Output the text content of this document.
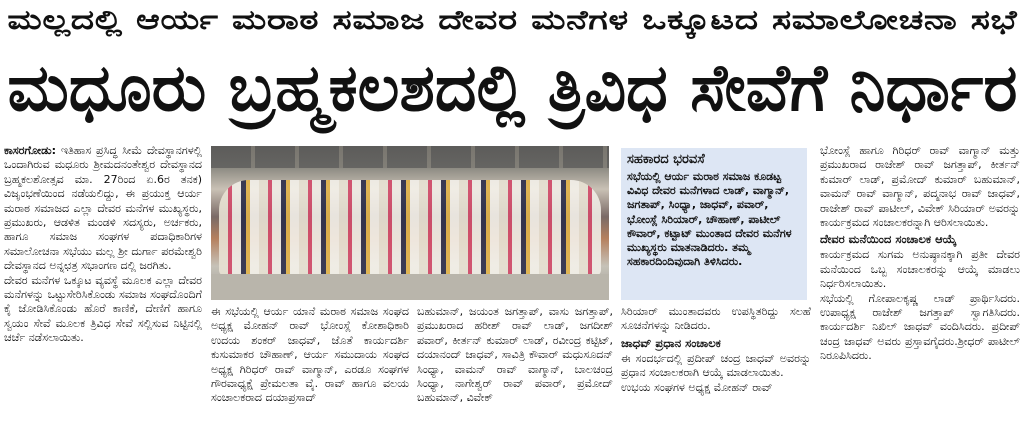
ಮಲ್ಲದಲ್ಲಿ ಆರ್ಯ ಮರಾಠ ಸಮಾಜ ದೇವರ ಮನೆಗಳ ಒಕ್ಕೂಟದ ಸಮಾಲೋಚನಾ ಸಭೆ
ಮಧೂರು ಬ್ರಹ್ಮಕಲಶದಲ್ಲಿ ತ್ರಿವಿಧ ಸೇವೆಗೆ ನಿರ್ಧಾರ

ಕಾಸರಗೋಡು: ಇತಿಹಾಸ ಪ್ರಸಿದ್ಧ ಸೀಮೆ ದೇವಸ್ಥಾನಗಳಲ್ಲಿ ಒಂದಾಗಿರುವ ಮಧೂರು ಶ್ರೀಮದನಂತೇಶ್ವರ ದೇವಸ್ಥಾನದ ಬ್ರಹ್ಮಕಲಶೋತ್ಸವ ಮಾ. 27ರಿಂದ ಏ.6ರ ತನಕ) ವಿಜೃಂಭಣೆಯಿಂದ ನಡೆಯಲಿದ್ದು, ಈ ಪ್ರಯುಕ್ತ ಆರ್ಯ ಮರಾಠ ಸಮಾಜದ ಎಲ್ಲಾ ದೇವರ ಮನೆಗಳ ಮುಖ್ಯಸ್ಥರು, ಪ್ರಮುಖರು, ಆಡಳಿತ ಮಂಡಳಿ ಸದಸ್ಯರು, ಅರ್ಚಕರು, ಹಾಗೂ ಸಮಾಜ ಸಂಘಗಳ ಪದಾಧಿಕಾರಿಗಳ ಸಮಾಲೋಚನಾ ಸಭೆಯು ಮಲ್ಲ ಶ್ರೀ ದುರ್ಗಾ ಪರಮೇಶ್ವರಿ ದೇವಸ್ಥಾನದ ಅನ್ನಛತ್ರ ಸಭಾಂಗಣ ದಲ್ಲಿ ಜರಗಿತು.

ದೇವರ ಮನೆಗಳ ಒಕ್ಕೂಟ ವ್ಯವಸ್ಥೆ ಮೂಲಕ ಎಲ್ಲಾ ದೇವರ ಮನೆಗಳನ್ನು ಒಟ್ಟುಸೇರಿಸಿಕೊಂಡು ಸಮಾಜ ಸಂಘದೊಂದಿಗೆ ಕೈ ಜೋಡಿಸಿಕೊಂಡು ಹೊರೆ ಕಾಣಿಕೆ, ದೇಣಿಗೆ ಹಾಗೂ ಸ್ವಯಂ ಸೇವೆ ಮೂಲಕ ತ್ರಿವಿಧ ಸೇವೆ ಸಲ್ಲಿಸುವ ನಿಟ್ಟಿನಲ್ಲಿ ಚರ್ಚೆ ನಡೆಸಲಾಯಿತು.

ಈ ಸಭೆಯಲ್ಲಿ ಆರ್ಯ ಯಾನೆ ಮರಾಠ ಸಮಾಜ ಸಂಘದ ಅಧ್ಯಕ್ಷ ಮೋಹನ್ ರಾವ್ ಭೋಂಸ್ಲೆ ಕೋಶಾಧಿಕಾರಿ ಉದಯ ಶಂಕರ್ ಜಾಧವ್, ಜೊತೆ ಕಾರ್ಯದರ್ಶಿ ಕುಸುಮಾಕರ ಚೌಹಾಣ್, ಆರ್ಯ ಸಮುದಾಯ ಸಂಘದ ಅಧ್ಯಕ್ಷ ಗಿರಿಧರ್ ರಾವ್ ವಾಗ್ಮಾನ್, ಎರಡೂ ಸಂಘಗಳ ಗೌರವಾಧ್ಯಕ್ಷೆ ಪ್ರೇಮಲತಾ ವೈ. ರಾವ್ ಹಾಗೂ ವಲಯ ಸಂಚಾಲಕರಾದ ದಯಾಪ್ರಸಾದ್

ಬಹುಮಾನ್, ಜಯಂತ ಜಗತ್ತಾಪ್, ವಾಸು ಜಗತ್ತಾಪ್, ಪ್ರಮುಖರಾದ ಹರೀಶ್ ರಾವ್ ಲಾಡ್, ಜಗದೀಶ್ ಪವಾರ್, ಕೀರ್ತನ್ ಕುಮಾರ್ ಲಾಡ್, ರವೀಂದ್ರ ಕಟ್ಟಿಟ್, ದಯಾನಂದ್ ಜಾಧವ್, ಸಾವಿತ್ರಿ ಕೌವಾರ್ ಮಧುಸೂದನ್ ಸಿಂಧ್ಯಾ, ವಾಮನ್ ರಾವ್ ವಾಗ್ಮಾನ್, ಬಾಲಚಂದ್ರ ಸಿಂಧ್ಯಾ, ನಾಗೇಶ್ವರ್ ರಾವ್ ಪವಾರ್, ಪ್ರಮೋದ್ ಬಹುಮಾನ್, ವಿವೇಕ್

ಸಹಕಾರದ ಭರವಸೆ

ಸಭೆಯಲ್ಲಿ ಆರ್ಯ ಮರಾಠ ಸಮಾಜ ಕೂಡಟ್ಟ ವಿವಿಧ ದೇವರ ಮನೆಗಳಾದ ಲಾಡ್, ವಾಗ್ಮಾನ್, ಜಗತಾಪ್, ಸಿಂಧ್ಯಾ, ಜಾಧವ್, ಪವಾರ್, ಭೋಂಸ್ಲೆ ಸಿರಿಯಾರ್, ಚೌಹಾಣ್, ಪಾಟೀಲ್ ಕೌವಾರ್, ಕಟ್ಟಾಟ್ ಮುಂತಾದ ದೇವರ ಮನೆಗಳ ಮುಖ್ಯಸ್ಥರು ಮಾತನಾಡಿದರು. ತಮ್ಮ ಸಹಕಾರದಿಂದಿವುದಾಗಿ ತಿಳಿಸಿದರು.

ಸಿರಿಯಾರ್ ಮುಂತಾದವರು ಉಪಸ್ಥಿತರಿದ್ದು ಸಲಹೆ ಸೂಚನೆಗಳನ್ನು ನೀಡಿದರು.

ಜಾಧವ್ ಪ್ರಧಾನ ಸಂಚಾಲಕ

ಈ ಸಂದರ್ಭದಲ್ಲಿ ಪ್ರದೀಪ್ ಚಂದ್ರ ಜಾಧವ್ ಅವರನ್ನು ಪ್ರಧಾನ ಸಂಚಾಲಕರಾಗಿ ಆಯ್ಕೆ ಮಾಡಲಾಯಿತು.

ಉಭಯ ಸಂಘಗಳ ಅಧ್ಯಕ್ಷ ಮೋಹನ್ ರಾವ್

ಭೋಂಸ್ಲೆ ಹಾಗೂ ಗಿರಿಧರ್ ರಾವ್ ವಾಗ್ಮಾನ್ ಮತ್ತು ಪ್ರಮುಖರಾದ ರಾಜೇಶ್ ರಾವ್ ಜಗತ್ತಾಪ್, ಕೀರ್ತನ್ ಕುಮಾರ್ ಲಾಡ್, ಪ್ರಮೋದ್ ಕುಮಾರ್ ಬಹುಮಾನ್, ವಾಮನ್ ರಾವ್ ವಾಗ್ಮಾನ್, ಪದ್ಮನಾಭ ರಾವ್ ಜಾಧವ್, ರಾಜೇಶ್ ರಾವ್ ಪಾಟೀಲ್, ವಿವೇಕ್ ಸಿರಿಯಾರ್ ಅವರನ್ನು ಕಾರ್ಯಕ್ರಮದ ಸಂಚಾಲಕರನ್ನಾಗಿ ಆರಿಸಲಾಯಿತು.

ದೇವರ ಮನೆಯಿಂದ ಸಂಚಾಲಕ ಆಯ್ಕೆ

ಕಾರ್ಯಕ್ರಮದ ಸುಗಮ ಅನುಷ್ಠಾನಕ್ಕಾಗಿ ಪ್ರತೀ ದೇವರ ಮನೆಯಿಂದ ಒಬ್ಬ ಸಂಚಾಲಕರನ್ನು ಆಯ್ಕೆ ಮಾಡಲು ನಿರ್ಧರಿಸಲಾಯಿತು.

ಸಭೆಯಲ್ಲಿ ಗೋಪಾಲಕೃಷ್ಣ ಲಾಡ್ ಪ್ರಾರ್ಥಿಸಿದರು. ಉಪಾಧ್ಯಕ್ಷ ರಾಜೇಶ್ ಜಗತ್ತಾಪ್ ಸ್ವಾಗತಿಸಿದರು. ಕಾರ್ಯದರ್ಶಿ ನಿಖಿಲ್ ಜಾಧವ್ ವಂದಿಸಿದರು. ಪ್ರದೀಪ್ ಚಂದ್ರ ಜಾಧವ್ ಅವರು ಪ್ರಸ್ತಾವಗೈದರು.ಶ್ರೀಧರ್ ಪಾಟೀಲ್ ನಿರೂಪಿಸಿದರು.
